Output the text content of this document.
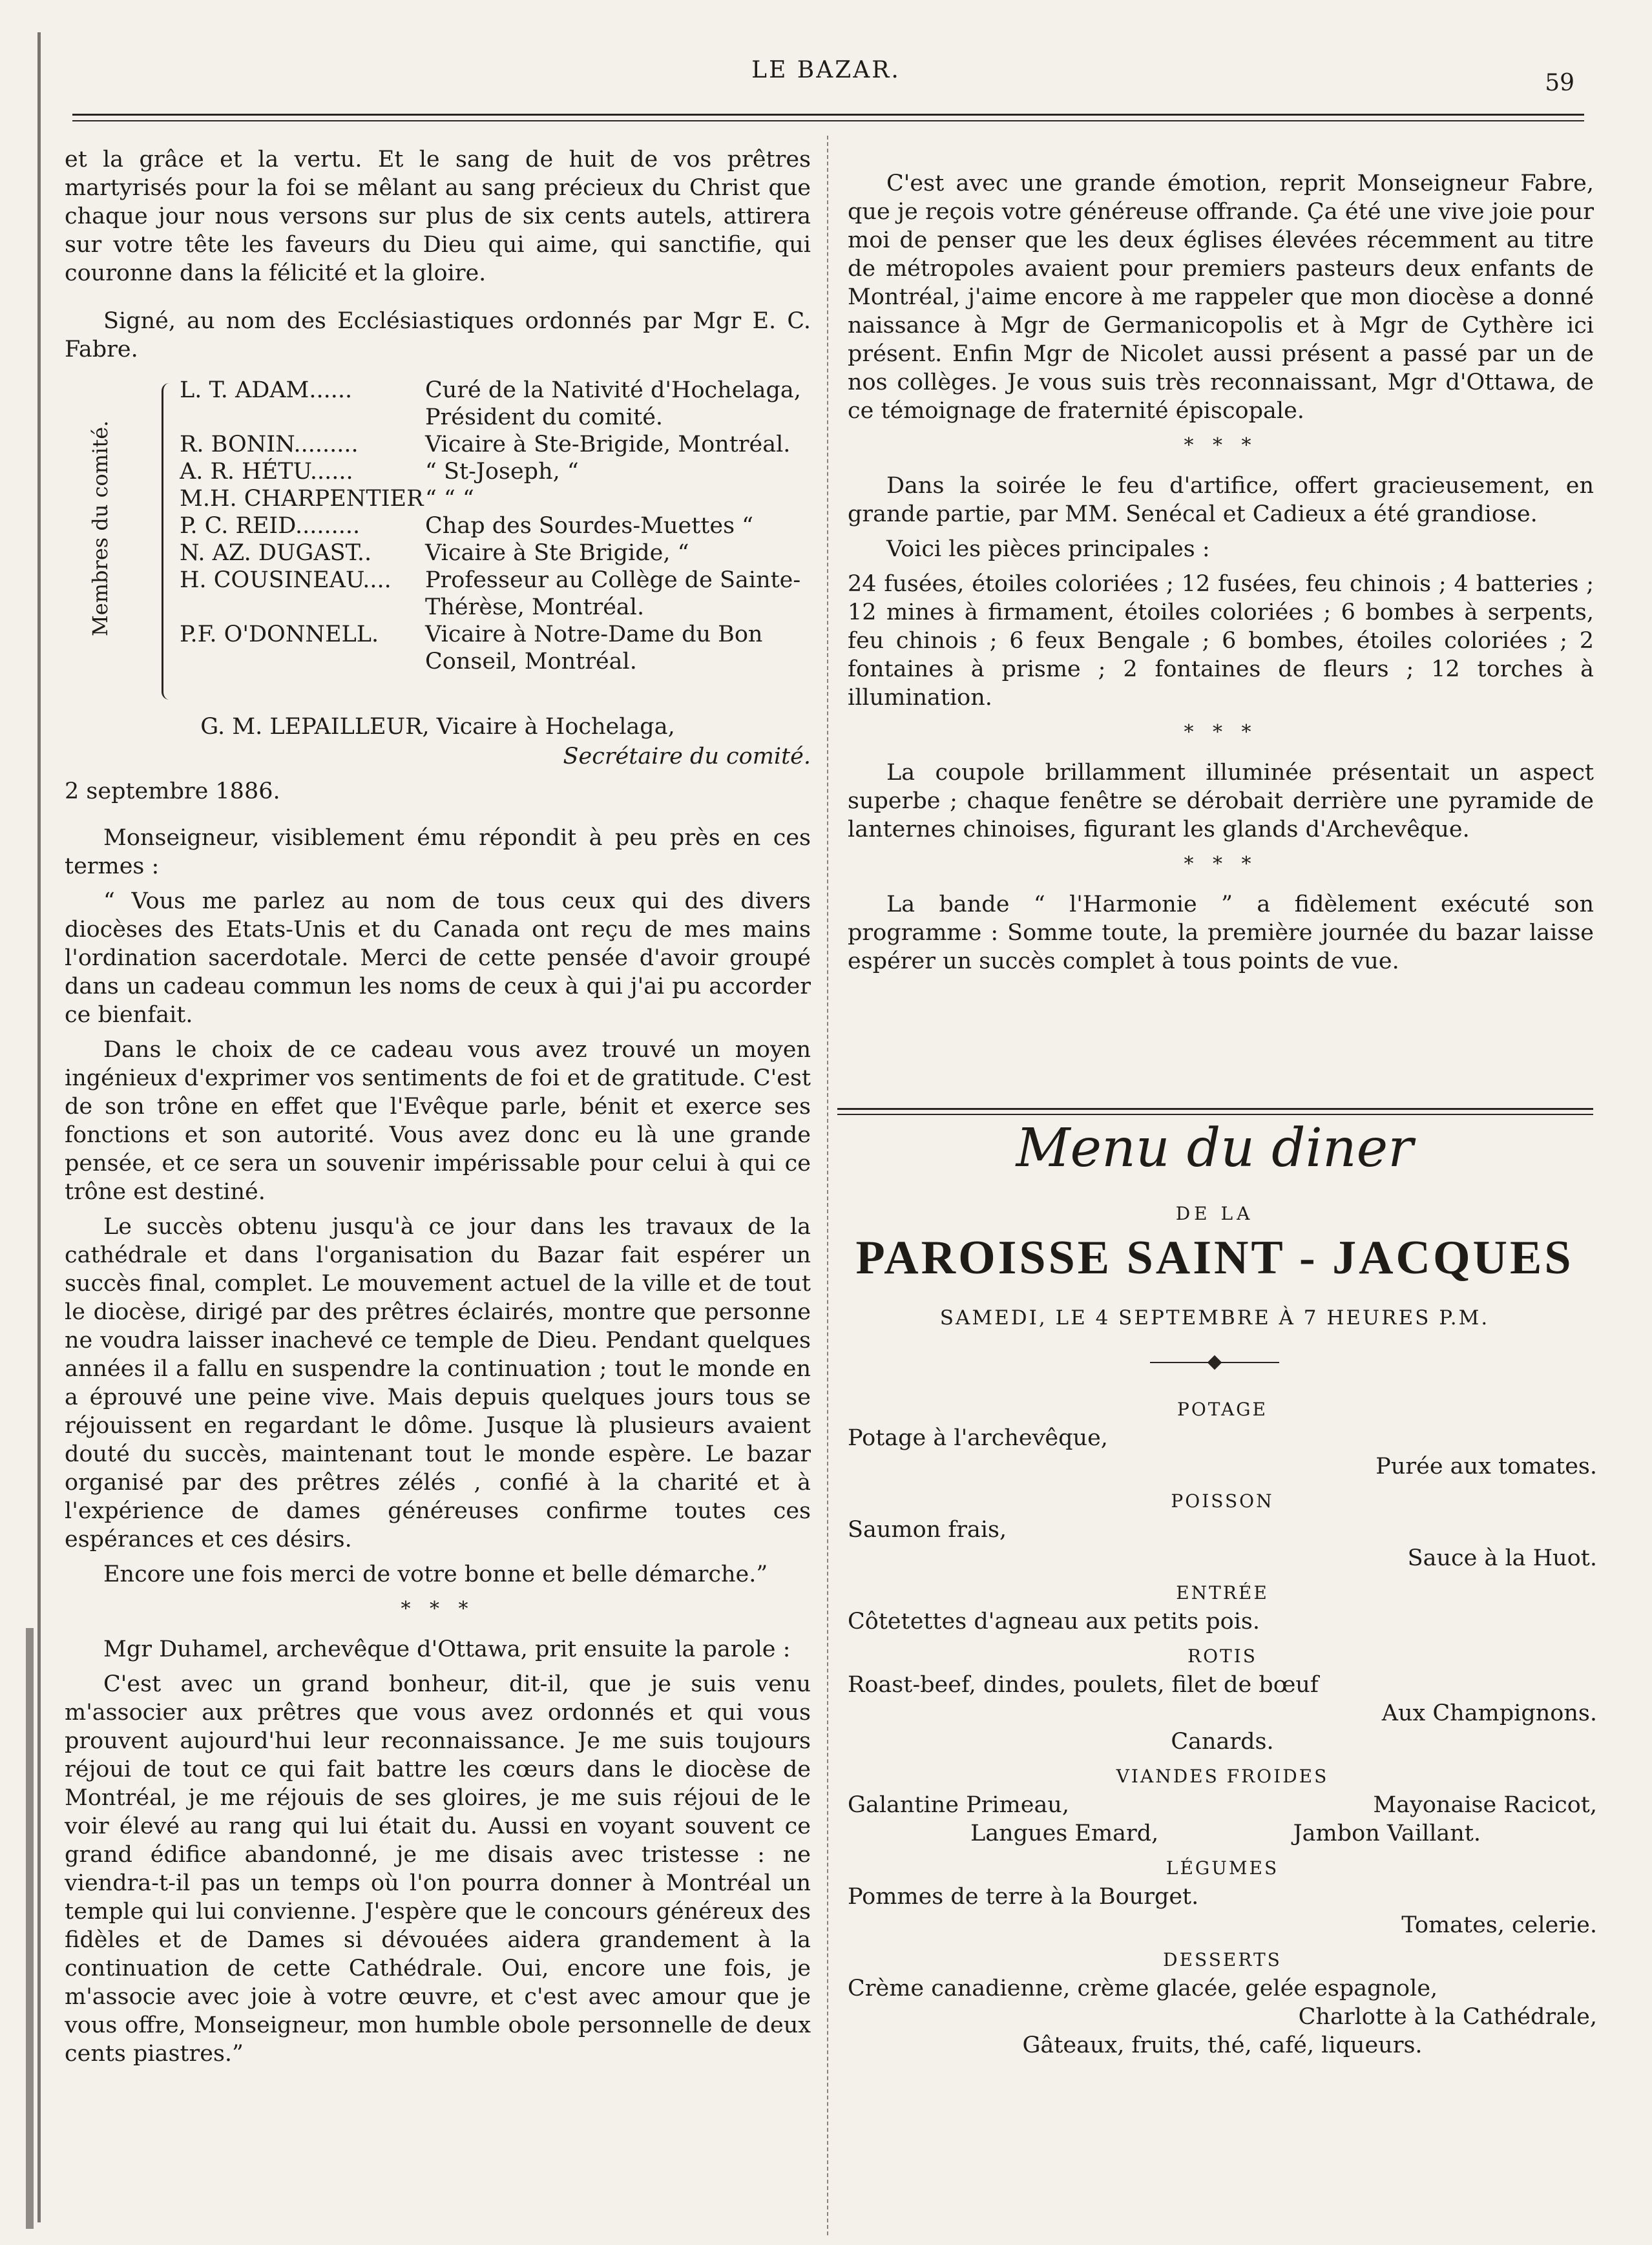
LE BAZAR.	59

et la grâce et la vertu. Et le sang de huit de vos prêtres martyrisés pour la foi se mêlant au sang précieux du Christ que chaque jour nous versons sur plus de six cents autels, attirera sur votre tête les faveurs du Dieu qui aime, qui sanctifie, qui couronne dans la félicité et la gloire.

Signé, au nom des Ecclésiastiques ordonnés par Mgr E. C. Fabre.

Membres du comité.
L. T. ADAM......	Curé de la Nativité d'Hochelaga, Président du comité.
R. BONIN.........	Vicaire à Ste-Brigide, Montréal.
A. R. HÉTU......	“ St-Joseph, “
M.H. CHARPENTIER “ “ “
P. C. REID.........	Chap des Sourdes-Muettes “
N. AZ. DUGAST..	Vicaire à Ste Brigide, “
H. COUSINEAU....	Professeur au Collège de Sainte-Thérèse, Montréal.
P.F. O'DONNELL.	Vicaire à Notre-Dame du Bon Conseil, Montréal.

G. M. LEPAILLEUR, Vicaire à Hochelaga,

Secrétaire du comité.

2 septembre 1886.

Monseigneur, visiblement ému répondit à peu près en ces termes :

“ Vous me parlez au nom de tous ceux qui des divers diocèses des Etats-Unis et du Canada ont reçu de mes mains l'ordination sacerdotale. Merci de cette pensée d'avoir groupé dans un cadeau commun les noms de ceux à qui j'ai pu accorder ce bienfait.

Dans le choix de ce cadeau vous avez trouvé un moyen ingénieux d'exprimer vos sentiments de foi et de gratitude. C'est de son trône en effet que l'Evêque parle, bénit et exerce ses fonctions et son autorité. Vous avez donc eu là une grande pensée, et ce sera un souvenir impérissable pour celui à qui ce trône est destiné.

Le succès obtenu jusqu'à ce jour dans les travaux de la cathédrale et dans l'organisation du Bazar fait espérer un succès final, complet. Le mouvement actuel de la ville et de tout le diocèse, dirigé par des prêtres éclairés, montre que personne ne voudra laisser inachevé ce temple de Dieu. Pendant quelques années il a fallu en suspendre la continuation ; tout le monde en a éprouvé une peine vive. Mais depuis quelques jours tous se réjouissent en regardant le dôme. Jusque là plusieurs avaient douté du succès, maintenant tout le monde espère. Le bazar organisé par des prêtres zélés , confié à la charité et à l'expérience de dames généreuses confirme toutes ces espérances et ces désirs.

Encore une fois merci de votre bonne et belle démarche.”

* * *

Mgr Duhamel, archevêque d'Ottawa, prit ensuite la parole :

C'est avec un grand bonheur, dit-il, que je suis venu m'associer aux prêtres que vous avez ordonnés et qui vous prouvent aujourd'hui leur reconnaissance. Je me suis toujours réjoui de tout ce qui fait battre les cœurs dans le diocèse de Montréal, je me réjouis de ses gloires, je me suis réjoui de le voir élevé au rang qui lui était du. Aussi en voyant souvent ce grand édifice abandonné, je me disais avec tristesse : ne viendra-t-il pas un temps où l'on pourra donner à Montréal un temple qui lui convienne. J'espère que le concours généreux des fidèles et de Dames si dévouées aidera grandement à la continuation de cette Cathédrale. Oui, encore une fois, je m'associe avec joie à votre œuvre, et c'est avec amour que je vous offre, Monseigneur, mon humble obole personnelle de deux cents piastres.”

C'est avec une grande émotion, reprit Monseigneur Fabre, que je reçois votre généreuse offrande. Ça été une vive joie pour moi de penser que les deux églises élevées récemment au titre de métropoles avaient pour premiers pasteurs deux enfants de Montréal, j'aime encore à me rappeler que mon diocèse a donné naissance à Mgr de Germanicopolis et à Mgr de Cythère ici présent. Enfin Mgr de Nicolet aussi présent a passé par un de nos collèges. Je vous suis très reconnaissant, Mgr d'Ottawa, de ce témoignage de fraternité épiscopale.

* * *

Dans la soirée le feu d'artifice, offert gracieusement, en grande partie, par MM. Senécal et Cadieux a été grandiose.

Voici les pièces principales :

24 fusées, étoiles coloriées ; 12 fusées, feu chinois ; 4 batteries ; 12 mines à firmament, étoiles coloriées ; 6 bombes à serpents, feu chinois ; 6 feux Bengale ; 6 bombes, étoiles coloriées ; 2 fontaines à prisme ; 2 fontaines de fleurs ; 12 torches à illumination.

* * *

La coupole brillamment illuminée présentait un aspect superbe ; chaque fenêtre se dérobait derrière une pyramide de lanternes chinoises, figurant les glands d'Archevêque.

* * *

La bande “ l'Harmonie ” a fidèlement exécuté son programme : Somme toute, la première journée du bazar laisse espérer un succès complet à tous points de vue.

Menu du diner
DE LA
PAROISSE SAINT - JACQUES
SAMEDI, LE 4 SEPTEMBRE À 7 HEURES P.M.
POTAGE
Potage à l'archevêque,
Purée aux tomates.
POISSON
Saumon frais,
Sauce à la Huot.
ENTRÉE
Côtetettes d'agneau aux petits pois.
ROTIS
Roast-beef, dindes, poulets, filet de bœuf
Aux Champignons.
Canards.
VIANDES FROIDES
Galantine Primeau,	Mayonaise Racicot,
Langues Emard,	Jambon Vaillant.
LÉGUMES
Pommes de terre à la Bourget.
Tomates, celerie.
DESSERTS
Crème canadienne, crème glacée, gelée espagnole,
Charlotte à la Cathédrale,
Gâteaux, fruits, thé, café, liqueurs.
